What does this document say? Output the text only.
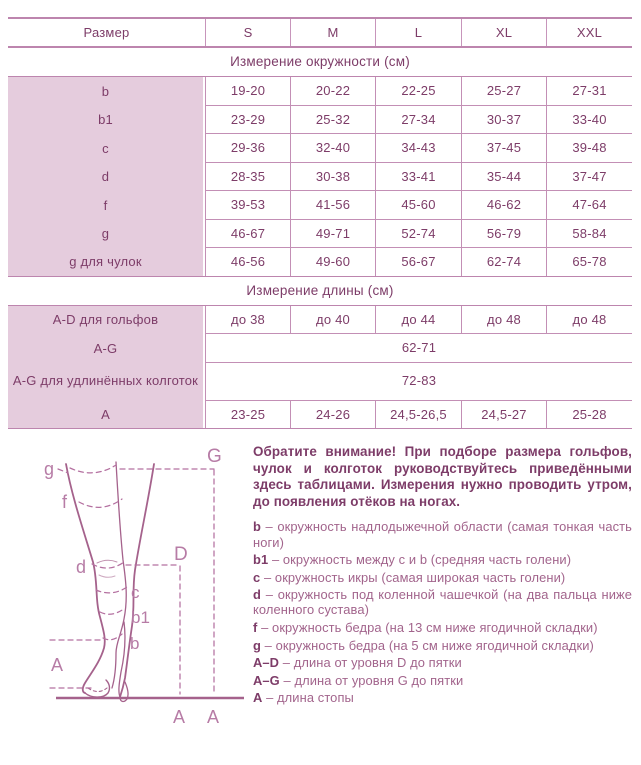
Размер	S	M	L	XL	XXL
Измерение окружности (см)
b	19-20	20-22	22-25	25-27	27-31
b1	23-29	25-32	27-34	30-37	33-40
c	29-36	32-40	34-43	37-45	39-48
d	28-35	30-38	33-41	35-44	37-47
f	39-53	41-56	45-60	46-62	47-64
g	46-67	49-71	52-74	56-79	58-84
g для чулок	46-56	49-60	56-67	62-74	65-78
Измерение длины (см)
A-D для гольфов	до 38	до 40	до 44	до 48	до 48
A-G	62-71				
A-G для удлинённых колготок	72-83				
A	23-25	24-26	24,5-26,5	24,5-27	25-28
g
f
d
c
b1
b
A
G
D
A A

Обратите внимание! При подборе размера гольфов, чулок и колготок руководствуйтесь приведёнными здесь таблицами. Измерения нужно проводить утром, до появления отёков на ногах.

b – окружность надлодыжечной области (самая тонкая часть ноги)
b1 – окружность между c и b (средняя часть голени)
c – окружность икры (самая широкая часть голени)
d – окружность под коленной чашечкой (на два пальца ниже коленного сустава)
f – окружность бедра (на 13 см ниже ягодичной складки)
g – окружность бедра (на 5 см ниже ягодичной складки)
A–D – длина от уровня D до пятки
A–G – длина от уровня G до пятки
A – длина стопы
